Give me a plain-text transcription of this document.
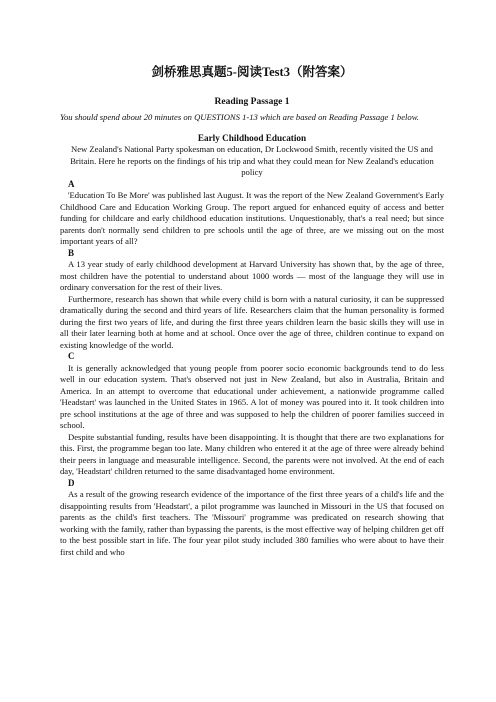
剑桥雅思真题5-阅读Test3（附答案）
Reading Passage 1
You should spend about 20 minutes on QUESTIONS 1-13 which are based on Reading Passage 1 below.
Early Childhood Education
New Zealand's National Party spokesman on education, Dr Lockwood Smith, recently visited the US and Britain. Here he reports on the findings of his trip and what they could mean for New Zealand's education policy
A

'Education To Be More' was published last August. It was the report of the New Zealand Government's Early Childhood Care and Education Working Group. The report argued for enhanced equity of access and better funding for childcare and early childhood education institutions. Unquestionably, that's a real need; but since parents don't normally send children to pre schools until the age of three, are we missing out on the most important years of all?

B

A 13 year study of early childhood development at Harvard University has shown that, by the age of three, most children have the potential to understand about 1000 words — most of the language they will use in ordinary conversation for the rest of their lives.

Furthermore, research has shown that while every child is born with a natural curiosity, it can be suppressed dramatically during the second and third years of life. Researchers claim that the human personality is formed during the first two years of life, and during the first three years children learn the basic skills they will use in all their later learning both at home and at school. Once over the age of three, children continue to expand on existing knowledge of the world.

C

It is generally acknowledged that young people from poorer socio economic backgrounds tend to do less well in our education system. That's observed not just in New Zealand, but also in Australia, Britain and America. In an attempt to overcome that educational under achievement, a nationwide programme called 'Headstart' was launched in the United States in 1965. A lot of money was poured into it. It took children into pre school institutions at the age of three and was supposed to help the children of poorer families succeed in school.

Despite substantial funding, results have been disappointing. It is thought that there are two explanations for this. First, the programme began too late. Many children who entered it at the age of three were already behind their peers in language and measurable intelligence. Second, the parents were not involved. At the end of each day, 'Headstart' children returned to the same disadvantaged home environment.

D

As a result of the growing research evidence of the importance of the first three years of a child's life and the disappointing results from 'Headstart', a pilot programme was launched in Missouri in the US that focused on parents as the child's first teachers. The 'Missouri' programme was predicated on research showing that working with the family, rather than bypassing the parents, is the most effective way of helping children get off to the best possible start in life. The four year pilot study included 380 families who were about to have their first child and who
